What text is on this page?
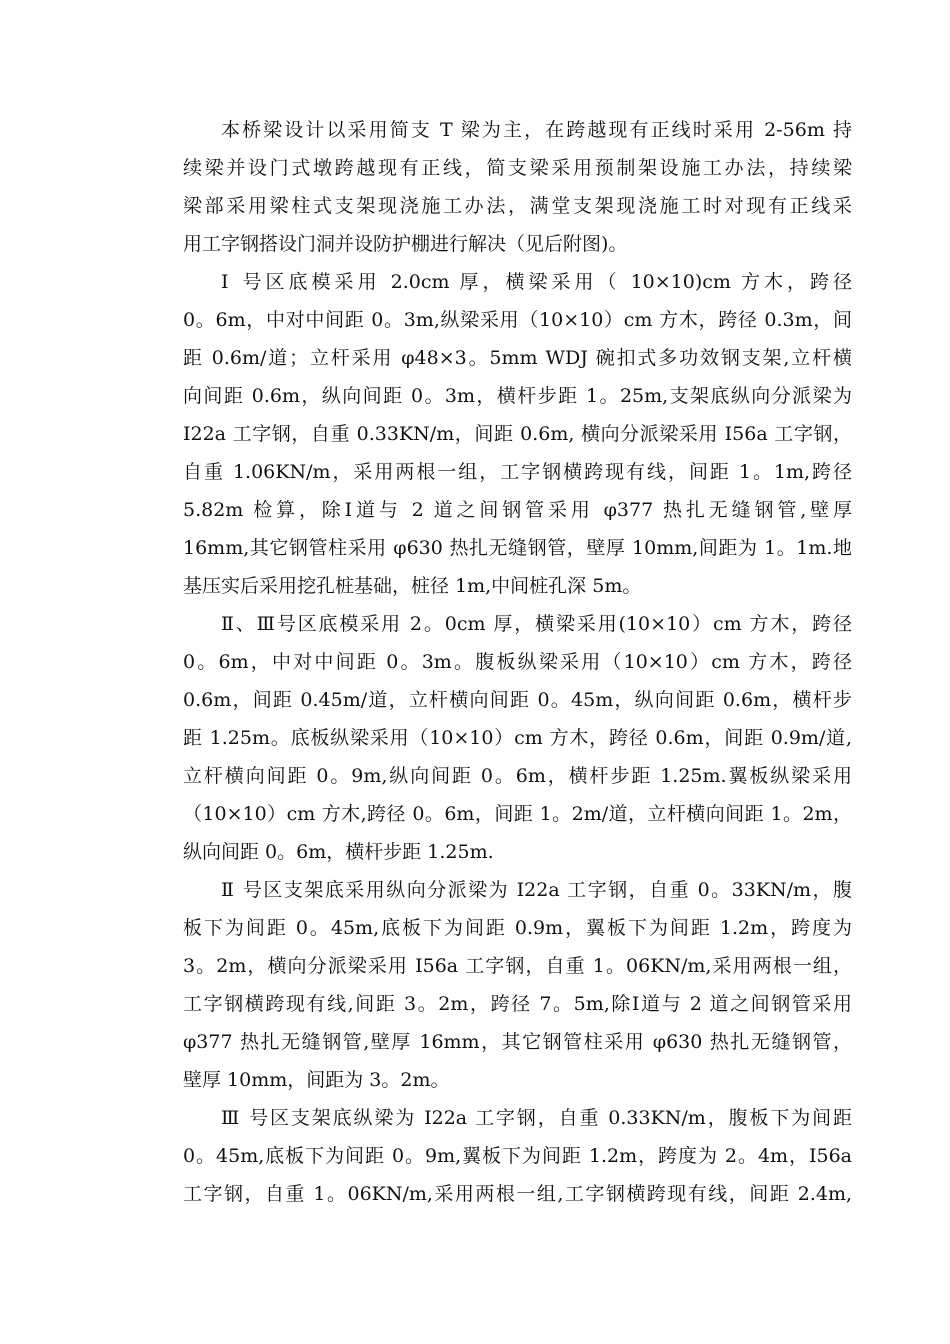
本桥梁设计以采用简支 T 梁为主，在跨越现有正线时采用 2-56m 持
续梁并设门式墩跨越现有正线，简支梁采用预制架设施工办法，持续梁
梁部采用梁柱式支架现浇施工办法，满堂支架现浇施工时对现有正线采
用工字钢搭设门洞并设防护棚进行解决（见后附图)。
Ⅰ 号区底模采用 2.0cm 厚，横梁采用（ 10×10)cm 方木，跨径
0。6m，中对中间距 0。3m,纵梁采用（10×10）cm 方木，跨径 0.3m，间
距 0.6m/道；立杆采用 φ48×3。5mm WDJ 碗扣式多功效钢支架,立杆横
向间距 0.6m，纵向间距 0。3m，横杆步距 1。25m,支架底纵向分派梁为
I22a 工字钢，自重 0.33KN/m，间距 0.6m, 横向分派梁采用 I56a 工字钢，
自重 1.06KN/m，采用两根一组，工字钢横跨现有线，间距 1。1m,跨径
5.82m 检算，除Ⅰ道与 2 道之间钢管采用 φ377 热扎无缝钢管,壁厚
16mm,其它钢管柱采用 φ630 热扎无缝钢管，壁厚 10mm,间距为 1。1m.地
基压实后采用挖孔桩基础，桩径 1m,中间桩孔深 5m。
Ⅱ、Ⅲ号区底模采用 2。0cm 厚，横梁采用(10×10）cm 方木，跨径
0。6m，中对中间距 0。3m。腹板纵梁采用（10×10）cm 方木，跨径
0.6m，间距 0.45m/道，立杆横向间距 0。45m，纵向间距 0.6m，横杆步
距 1.25m。底板纵梁采用（10×10）cm 方木，跨径 0.6m，间距 0.9m/道,
立杆横向间距 0。9m,纵向间距 0。6m，横杆步距 1.25m.翼板纵梁采用
（10×10）cm 方木,跨径 0。6m，间距 1。2m/道，立杆横向间距 1。2m，
纵向间距 0。6m，横杆步距 1.25m.
Ⅱ 号区支架底采用纵向分派梁为 I22a 工字钢，自重 0。33KN/m，腹
板下为间距 0。45m,底板下为间距 0.9m，翼板下为间距 1.2m，跨度为
3。2m，横向分派梁采用 I56a 工字钢，自重 1。06KN/m,采用两根一组，
工字钢横跨现有线,间距 3。2m，跨径 7。5m,除Ⅰ道与 2 道之间钢管采用
φ377 热扎无缝钢管,壁厚 16mm，其它钢管柱采用 φ630 热扎无缝钢管，
壁厚 10mm，间距为 3。2m。
Ⅲ 号区支架底纵梁为 I22a 工字钢，自重 0.33KN/m，腹板下为间距
0。45m,底板下为间距 0。9m,翼板下为间距 1.2m，跨度为 2。4m，I56a
工字钢，自重 1。06KN/m,采用两根一组,工字钢横跨现有线，间距 2.4m,
